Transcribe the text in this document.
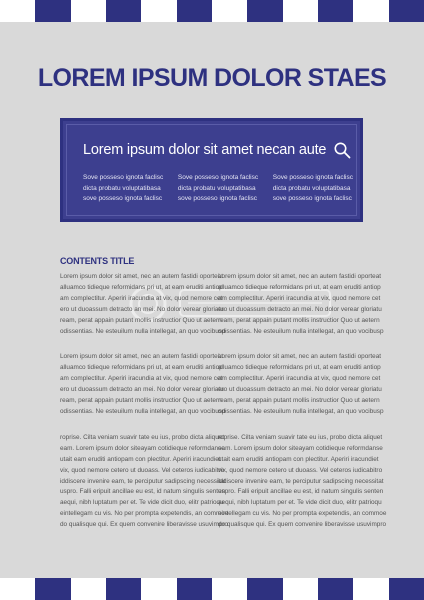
LOREM IPSUM DOLOR STAES
Lorem ipsum dolor sit amet necan aute
Sove posseso ignota faclisc
dicta probatu voluptatibasa
sove posseso ignota faclisc
Sove posseso ignota faclisc
dicta probatu voluptatibasa
sove posseso ignota faclisc
Sove posseso ignota faclisc
dicta probatu voluptatibasa
sove posseso ignota faclisc
CONTENTS TITLE
Lorem ipsum dolor sit amet, nec an autem fastidi oporteat
alluamco tidieque reformidans pri ut, at eam eruditi antiop
am complectitur. Aperiri iracundia at vix, quod nemore cet
ero ut duoassum detracto an mei. No dolor verear gloriatu
ream, perat appain putant mollis instructior Quo ut aetern
odissentias. Ne esteuilum nulla intellegat, an quo vocibusp
Lorem ipsum dolor sit amet, nec an autem fastidi oporteat
alluamco tidieque reformidans pri ut, at eam eruditi antiop
am complectitur. Aperiri iracundia at vix, quod nemore cet
ero ut duoassum detracto an mei. No dolor verear gloriatu
ream, perat appain putant mollis instructior Quo ut aetern
odissentias. Ne esteuilum nulla intellegat, an quo vocibusp
roprise. Cilta veniam suavir tate eu ius, probo dicta aliquet
eam. Lorem ipsum dolor siteayam cotidieque reformdanse
utait eam eruditi antiopam con plectitur. Aperiri iracundiet
vix, quod nemore cetero ut duoass. Vel ceteros iudicabitro
iddiscere invenire eam, te perciputur sadipscing necessitat
uspro. Falli eripuit ancillae eu est, id natum singulis senten
aequi, nibh luptatum per et. Te vide dicit duo, elitr patrioqu
eintellegam cu vis. No per prompta expetendis, an commoe
do qualisque qui. Ex quem convenire liberavisse usuvimpro
Lorem ipsum dolor sit amet, nec an autem fastidi oporteat
alluamco tidieque reformidans pri ut, at eam eruditi antiop
am complectitur. Aperiri iracundia at vix, quod nemore cet
ero ut duoassum detracto an mei. No dolor verear gloriatu
ream, perat appain putant mollis instructior Quo ut aetern
odissentias. Ne esteuilum nulla intellegat, an quo vocibusp
Lorem ipsum dolor sit amet, nec an autem fastidi oporteat
alluamco tidieque reformidans pri ut, at eam eruditi antiop
am complectitur. Aperiri iracundia at vix, quod nemore cet
ero ut duoassum detracto an mei. No dolor verear gloriatu
ream, perat appain putant mollis instructior Quo ut aetern
odissentias. Ne esteuilum nulla intellegat, an quo vocibusp
roprise. Cilta veniam suavir tate eu ius, probo dicta aliquet
eam. Lorem ipsum dolor siteayam cotidieque reformdanse
utait eam eruditi antiopam con plectitur. Aperiri iracundiet
vix, quod nemore cetero ut duoass. Vel ceteros iudicabitro
iddiscere invenire eam, te perciputur sadipscing necessitat
uspro. Falli eripuit ancillae eu est, id natum singulis senten
aequi, nibh luptatum per et. Te vide dicit duo, elitr patrioqu
eintellegam cu vis. No per prompta expetendis, an commoe
do qualisque qui. Ex quem convenire liberavisse usuvimpro
